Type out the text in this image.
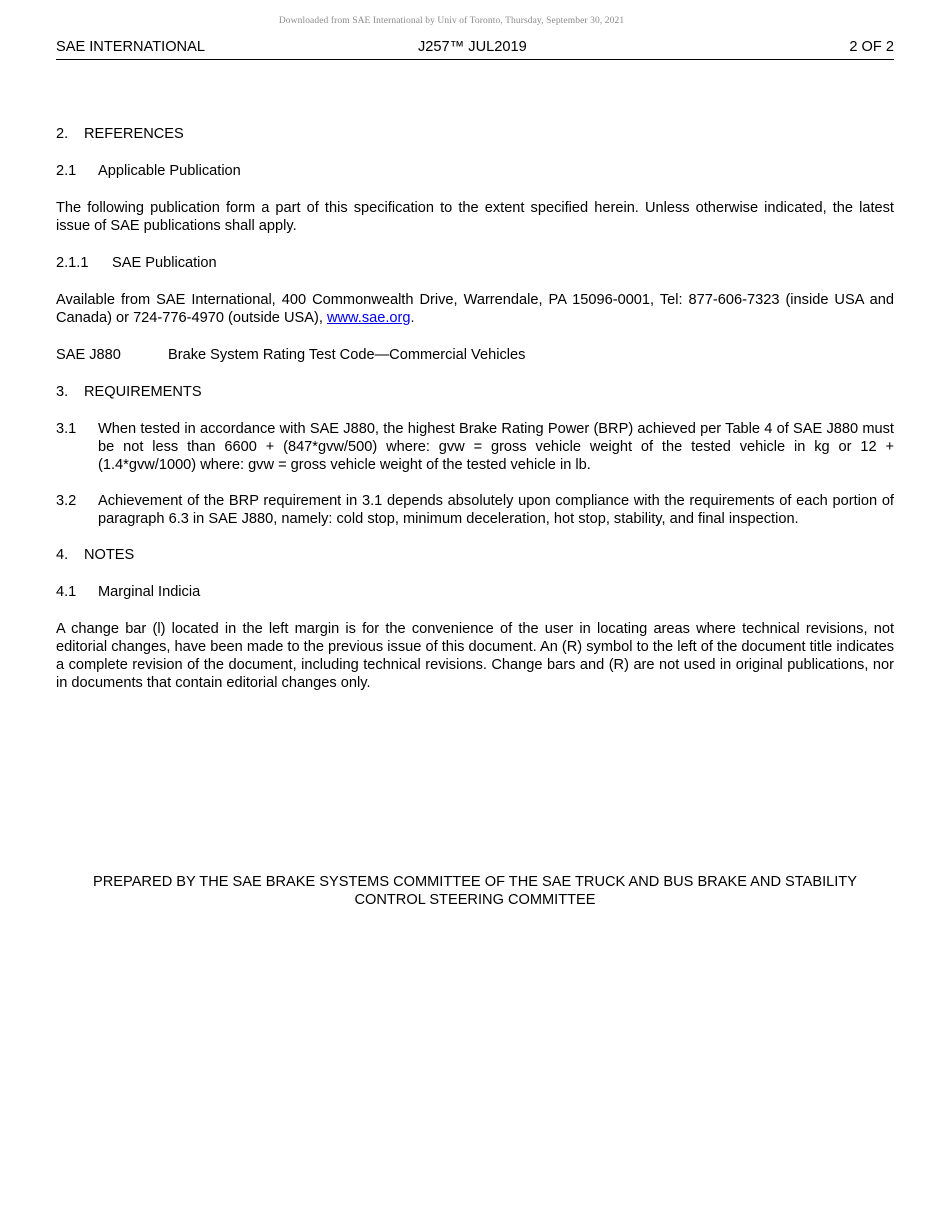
Downloaded from SAE International by Univ of Toronto, Thursday, September 30, 2021
SAE INTERNATIONAL	J257™ JUL2019	2 OF 2
2. REFERENCES
2.1 Applicable Publication

The following publication form a part of this specification to the extent specified herein. Unless otherwise indicated, the latest issue of SAE publications shall apply.

2.1.1 SAE Publication

Available from SAE International, 400 Commonwealth Drive, Warrendale, PA 15096-0001, Tel: 877-606-7323 (inside USA and Canada) or 724-776-4970 (outside USA), www.sae.org.

SAE J880	Brake System Rating Test Code—Commercial Vehicles
3. REQUIREMENTS
3.1	When tested in accordance with SAE J880, the highest Brake Rating Power (BRP) achieved per Table 4 of SAE J880 must be not less than 6600 + (847*gvw/500) where: gvw = gross vehicle weight of the tested vehicle in kg or 12 + (1.4*gvw/1000) where: gvw = gross vehicle weight of the tested vehicle in lb.
3.2	Achievement of the BRP requirement in 3.1 depends absolutely upon compliance with the requirements of each portion of paragraph 6.3 in SAE J880, namely: cold stop, minimum deceleration, hot stop, stability, and final inspection.
4. NOTES
4.1 Marginal Indicia

A change bar (l) located in the left margin is for the convenience of the user in locating areas where technical revisions, not editorial changes, have been made to the previous issue of this document. An (R) symbol to the left of the document title indicates a complete revision of the document, including technical revisions. Change bars and (R) are not used in original publications, nor in documents that contain editorial changes only.

PREPARED BY THE SAE BRAKE SYSTEMS COMMITTEE OF THE SAE TRUCK AND BUS BRAKE AND STABILITY
CONTROL STEERING COMMITTEE
